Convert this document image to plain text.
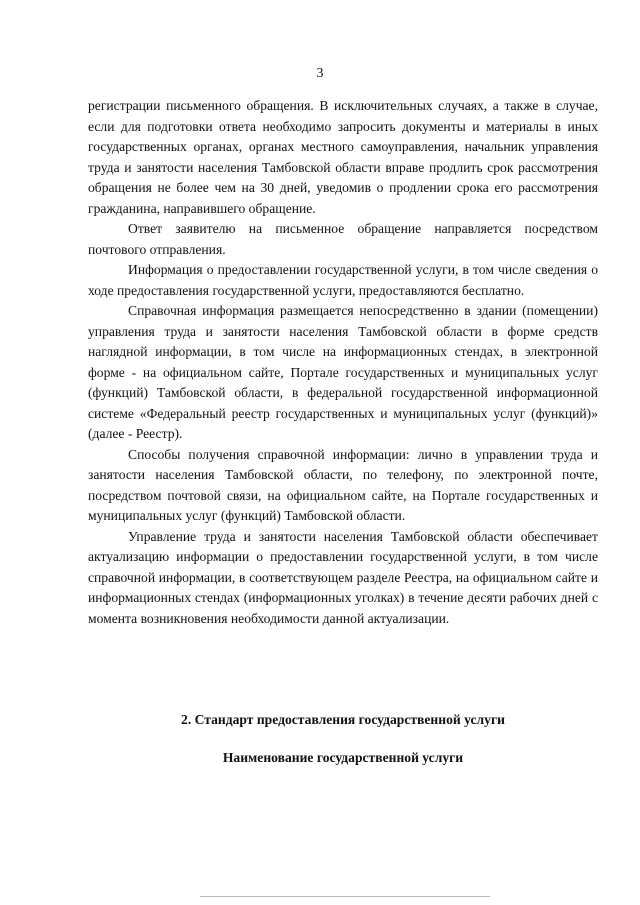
3

регистрации письменного обращения. В исключительных случаях, а также в случае, если для подготовки ответа необходимо запросить документы и материалы в иных государственных органах, органах местного самоуправления, начальник управления труда и занятости населения Тамбовской области вправе продлить срок рассмотрения обращения не более чем на 30 дней, уведомив о продлении срока его рассмотрения гражданина, направившего обращение.

Ответ заявителю на письменное обращение направляется посредством почтового отправления.

Информация о предоставлении государственной услуги, в том числе сведения о ходе предоставления государственной услуги, предоставляются бесплатно.

Справочная информация размещается непосредственно в здании (помещении) управления труда и занятости населения Тамбовской области в форме средств наглядной информации, в том числе на информационных стендах, в электронной форме - на официальном сайте, Портале государственных и муниципальных услуг (функций) Тамбовской области, в федеральной государственной информационной системе «Федеральный реестр государственных и муниципальных услуг (функций)» (далее - Реестр).

Способы получения справочной информации: лично в управлении труда и занятости населения Тамбовской области, по телефону, по электронной почте, посредством почтовой связи, на официальном сайте, на Портале государственных и муниципальных услуг (функций) Тамбовской области.

Управление труда и занятости населения Тамбовской области обеспечивает актуализацию информации о предоставлении государственной услуги, в том числе справочной информации, в соответствующем разделе Реестра, на официальном сайте и информационных стендах (информационных уголках) в течение десяти рабочих дней с момента возникновения необходимости данной актуализации.

2. Стандарт предоставления государственной услуги
Наименование государственной услуги
